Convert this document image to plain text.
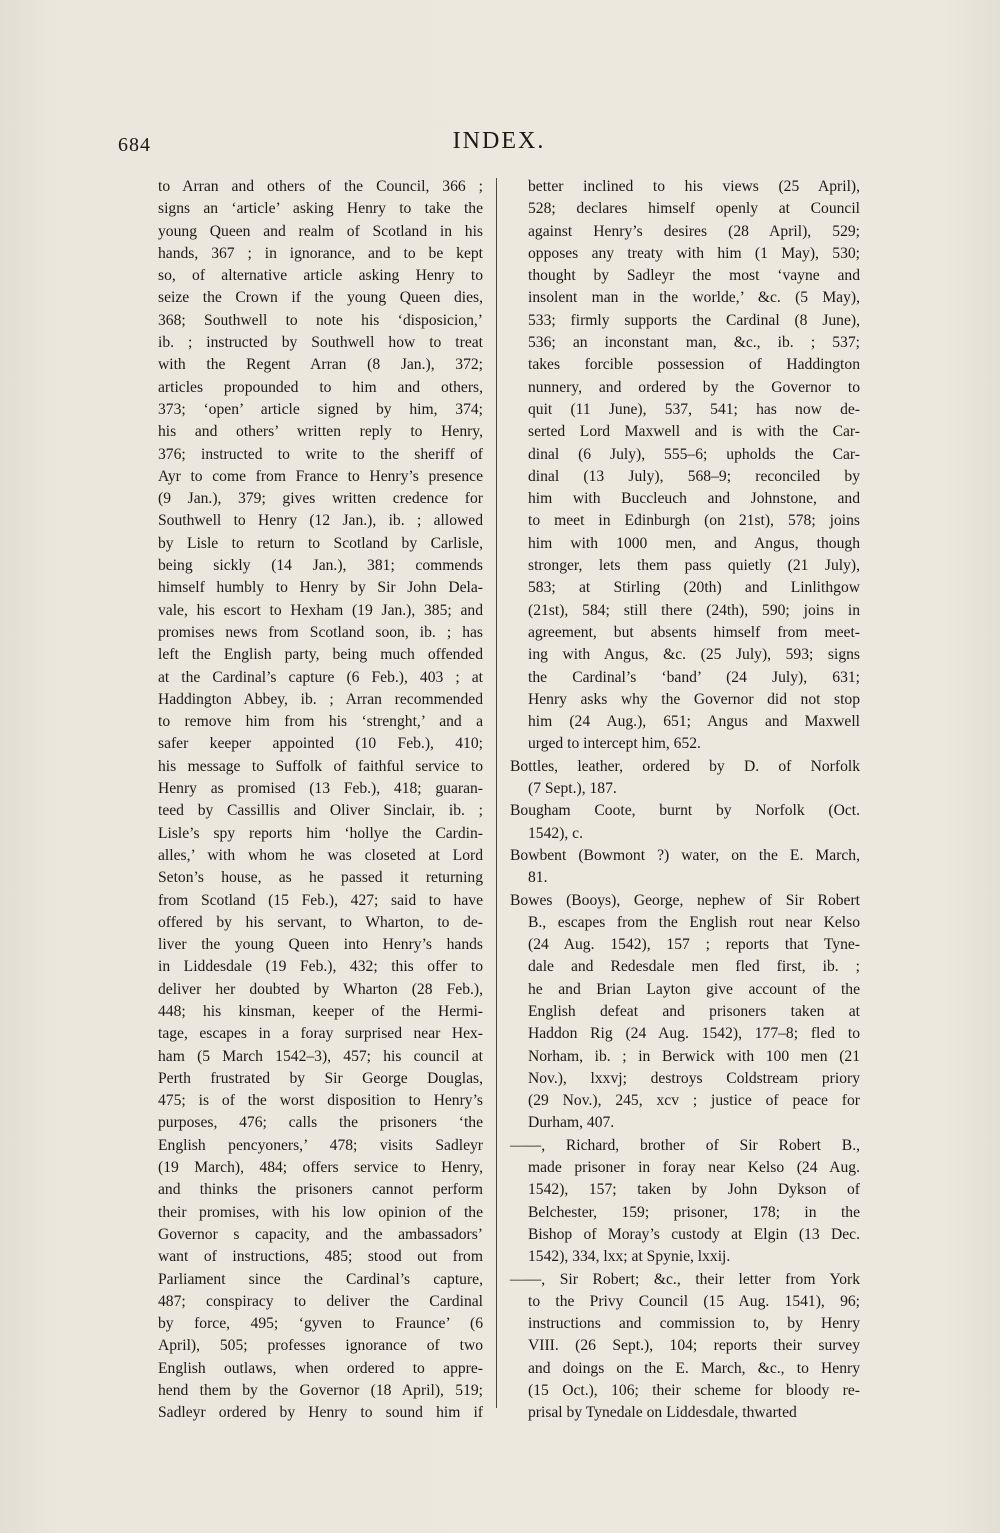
684	INDEX.
to Arran and others of the Council, 366 ;
signs an ‘article’ asking Henry to take the
young Queen and realm of Scotland in his
hands, 367 ; in ignorance, and to be kept
so, of alternative article asking Henry to
seize the Crown if the young Queen dies,
368; Southwell to note his ‘disposicion,’
ib. ; instructed by Southwell how to treat
with the Regent Arran (8 Jan.), 372;
articles propounded to him and others,
373; ‘open’ article signed by him, 374;
his and others’ written reply to Henry,
376; instructed to write to the sheriff of
Ayr to come from France to Henry’s presence
(9 Jan.), 379; gives written credence for
Southwell to Henry (12 Jan.), ib. ; allowed
by Lisle to return to Scotland by Carlisle,
being sickly (14 Jan.), 381; commends
himself humbly to Henry by Sir John Dela-
vale, his escort to Hexham (19 Jan.), 385; and
promises news from Scotland soon, ib. ; has
left the English party, being much offended
at the Cardinal’s capture (6 Feb.), 403 ; at
Haddington Abbey, ib. ; Arran recommended
to remove him from his ‘strenght,’ and a
safer keeper appointed (10 Feb.), 410;
his message to Suffolk of faithful service to
Henry as promised (13 Feb.), 418; guaran-
teed by Cassillis and Oliver Sinclair, ib. ;
Lisle’s spy reports him ‘hollye the Cardin-
alles,’ with whom he was closeted at Lord
Seton’s house, as he passed it returning
from Scotland (15 Feb.), 427; said to have
offered by his servant, to Wharton, to de-
liver the young Queen into Henry’s hands
in Liddesdale (19 Feb.), 432; this offer to
deliver her doubted by Wharton (28 Feb.),
448; his kinsman, keeper of the Hermi-
tage, escapes in a foray surprised near Hex-
ham (5 March 1542–3), 457; his council at
Perth frustrated by Sir George Douglas,
475; is of the worst disposition to Henry’s
purposes, 476; calls the prisoners ‘the
English pencyoners,’ 478; visits Sadleyr
(19 March), 484; offers service to Henry,
and thinks the prisoners cannot perform
their promises, with his low opinion of the
Governor s capacity, and the ambassadors’
want of instructions, 485; stood out from
Parliament since the Cardinal’s capture,
487; conspiracy to deliver the Cardinal
by force, 495; ‘gyven to Fraunce’ (6
April), 505; professes ignorance of two
English outlaws, when ordered to appre-
hend them by the Governor (18 April), 519;
Sadleyr ordered by Henry to sound him if
better inclined to his views (25 April),
528; declares himself openly at Council
against Henry’s desires (28 April), 529;
opposes any treaty with him (1 May), 530;
thought by Sadleyr the most ‘vayne and
insolent man in the worlde,’ &c. (5 May),
533; firmly supports the Cardinal (8 June),
536; an inconstant man, &c., ib. ; 537;
takes forcible possession of Haddington
nunnery, and ordered by the Governor to
quit (11 June), 537, 541; has now de-
serted Lord Maxwell and is with the Car-
dinal (6 July), 555–6; upholds the Car-
dinal (13 July), 568–9; reconciled by
him with Buccleuch and Johnstone, and
to meet in Edinburgh (on 21st), 578; joins
him with 1000 men, and Angus, though
stronger, lets them pass quietly (21 July),
583; at Stirling (20th) and Linlithgow
(21st), 584; still there (24th), 590; joins in
agreement, but absents himself from meet-
ing with Angus, &c. (25 July), 593; signs
the Cardinal’s ‘band’ (24 July), 631;
Henry asks why the Governor did not stop
him (24 Aug.), 651; Angus and Maxwell
urged to intercept him, 652.
Bottles, leather, ordered by D. of Norfolk
(7 Sept.), 187.
Bougham Coote, burnt by Norfolk (Oct.
1542), c.
Bowbent (Bowmont ?) water, on the E. March,
81.
Bowes (Booys), George, nephew of Sir Robert
B., escapes from the English rout near Kelso
(24 Aug. 1542), 157 ; reports that Tyne-
dale and Redesdale men fled first, ib. ;
he and Brian Layton give account of the
English defeat and prisoners taken at
Haddon Rig (24 Aug. 1542), 177–8; fled to
Norham, ib. ; in Berwick with 100 men (21
Nov.), lxxvj; destroys Coldstream priory
(29 Nov.), 245, xcv ; justice of peace for
Durham, 407.
——, Richard, brother of Sir Robert B.,
made prisoner in foray near Kelso (24 Aug.
1542), 157; taken by John Dykson of
Belchester, 159; prisoner, 178; in the
Bishop of Moray’s custody at Elgin (13 Dec.
1542), 334, lxx; at Spynie, lxxij.
——, Sir Robert; &c., their letter from York
to the Privy Council (15 Aug. 1541), 96;
instructions and commission to, by Henry
VIII. (26 Sept.), 104; reports their survey
and doings on the E. March, &c., to Henry
(15 Oct.), 106; their scheme for bloody re-
prisal by Tynedale on Liddesdale, thwarted
